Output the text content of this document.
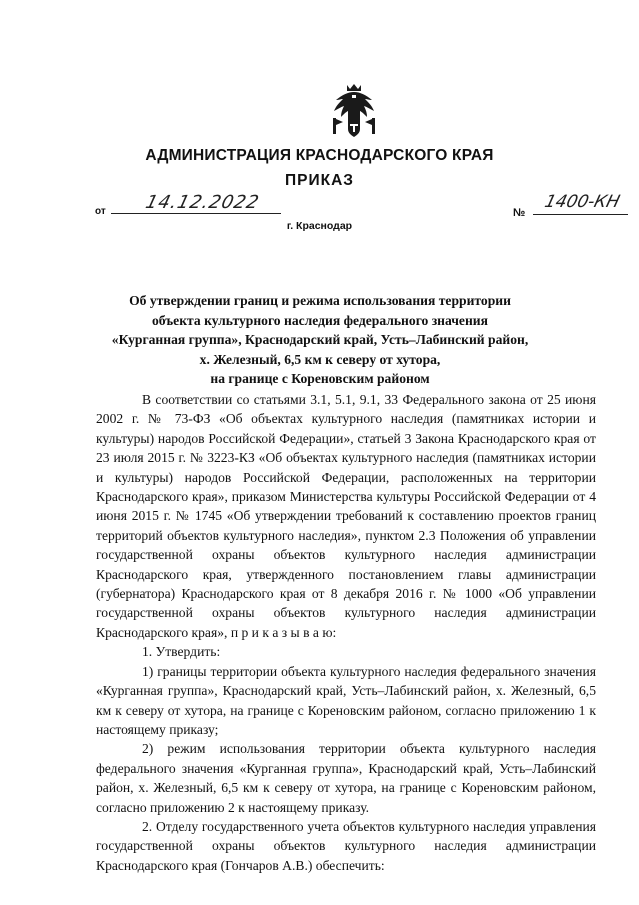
АДМИНИСТРАЦИЯ КРАСНОДАРСКОГО КРАЯ
ПРИКАЗ
от 14.12.2022	№
1400-КН
г. Краснодар
Об утверждении границ и режима использования территории
объекта культурного наследия федерального значения
«Курганная группа», Краснодарский край, Усть–Лабинский район,
х. Железный, 6,5 км к северу от хутора,
на границе с Кореновским районом

В соответствии со статьями 3.1, 5.1, 9.1, 33 Федерального закона от 25 июня 2002 г. № 73-ФЗ «Об объектах культурного наследия (памятниках истории и культуры) народов Российской Федерации», статьей 3 Закона Краснодарского края от 23 июля 2015 г. № 3223-КЗ «Об объектах культурного наследия (памятниках истории и культуры) народов Российской Федерации, расположенных на территории Краснодарского края», приказом Министерства культуры Российской Федерации от 4 июня 2015 г. № 1745 «Об утверждении требований к составлению проектов границ территорий объектов культурного наследия», пунктом 2.3 Положения об управлении государственной охраны объектов культурного наследия администрации Краснодарского края, утвержденного постановлением главы администрации (губернатора) Краснодарского края от 8 декабря 2016 г. № 1000 «Об управлении государственной охраны объектов культурного наследия администрации Краснодарского края», п р и к а з ы в а ю:

1. Утвердить:

1) границы территории объекта культурного наследия федерального значения «Курганная группа», Краснодарский край, Усть–Лабинский район, х. Железный, 6,5 км к северу от хутора, на границе с Кореновским районом, согласно приложению 1 к настоящему приказу;

2) режим использования территории объекта культурного наследия федерального значения «Курганная группа», Краснодарский край, Усть–Лабинский район, х. Железный, 6,5 км к северу от хутора, на границе с Кореновским районом, согласно приложению 2 к настоящему приказу.

2. Отделу государственного учета объектов культурного наследия управления государственной охраны объектов культурного наследия администрации Краснодарского края (Гончаров А.В.) обеспечить:
